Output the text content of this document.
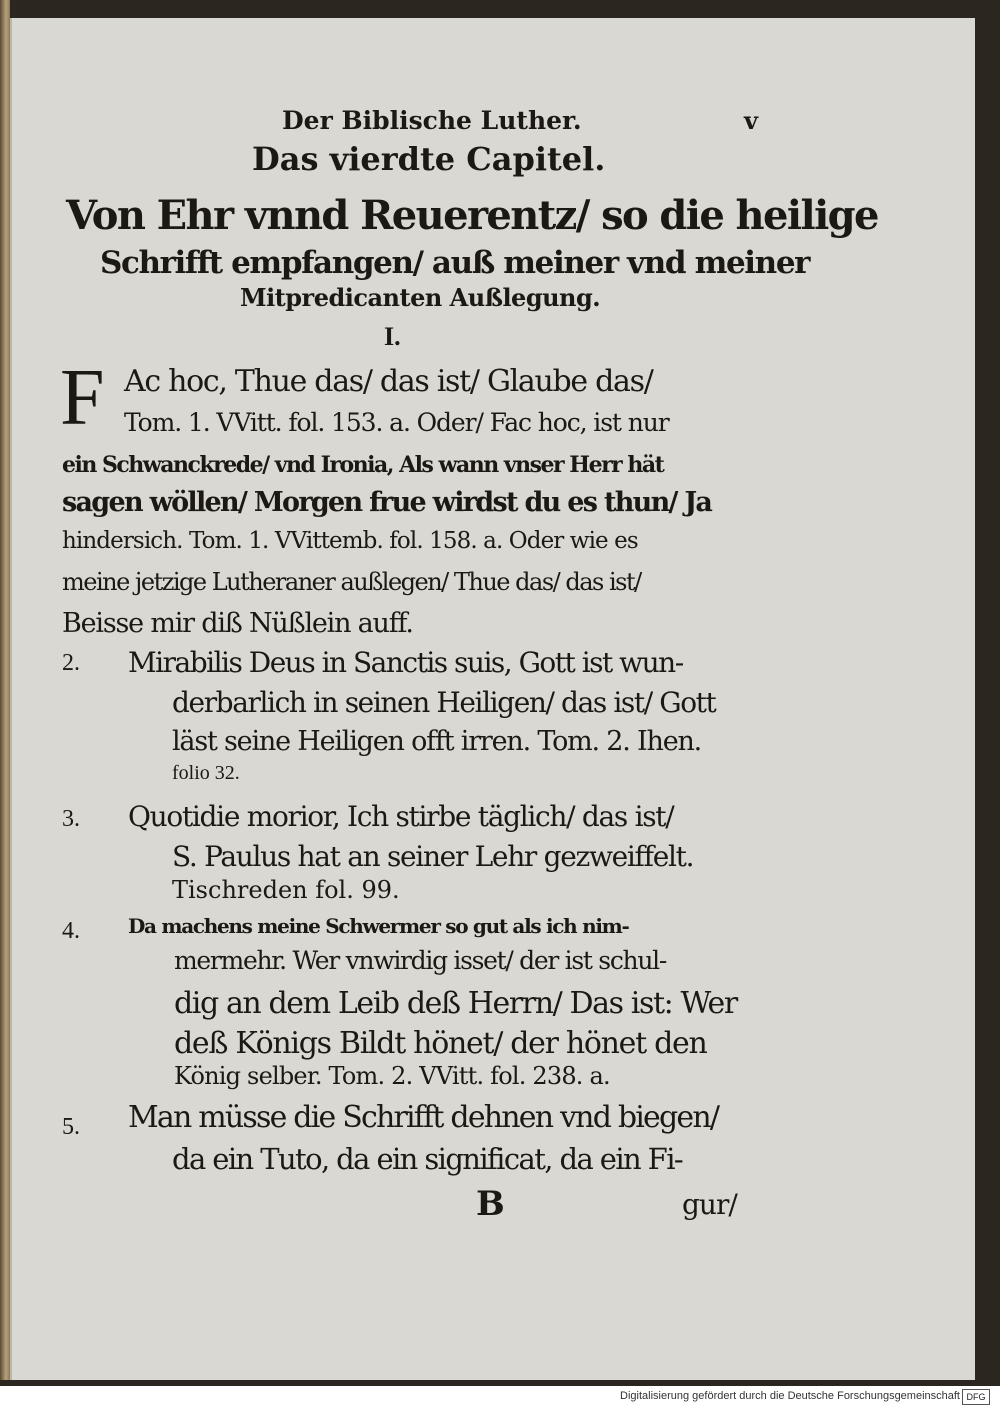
Der Biblische Luther.	v
Das vierdte Capitel.
Von Ehr vnnd Reuerentz/ so die heilige
Schrifft empfangen/ auß meiner vnd meiner
Mitpredicanten Außlegung.
I.
F Ac hoc, Thue das/ das ist/ Glaube das/
Tom. 1. VVitt. fol. 153. a. Oder/ Fac hoc, ist nur
ein Schwanckrede/ vnd Ironia, Als wann vnser Herr hät
sagen wöllen/ Morgen frue wirdst du es thun/ Ja
hindersich. Tom. 1. VVittemb. fol. 158. a. Oder wie es
meine jetzige Lutheraner außlegen/ Thue das/ das ist/
Beisse mir diß Nüßlein auff.
2. Mirabilis Deus in Sanctis suis, Gott ist wun-
derbarlich in seinen Heiligen/ das ist/ Gott
läst seine Heiligen offt irren. Tom. 2. Ihen.
folio 32.
3. Quotidie morior, Ich stirbe täglich/ das ist/
S. Paulus hat an seiner Lehr gezweiffelt.
Tischreden fol. 99.
4. Da machens meine Schwermer so gut als ich nim-
mermehr. Wer vnwirdig isset/ der ist schul-
dig an dem Leib deß Herrn/ Das ist: Wer
deß Königs Bildt hönet/ der hönet den
König selber. Tom. 2. VVitt. fol. 238. a.
5. Man müsse die Schrifft dehnen vnd biegen/
da ein Tuto, da ein significat, da ein Fi-
B	gur/
Digitalisierung gefördert durch die Deutsche Forschungsgemeinschaft DFG
